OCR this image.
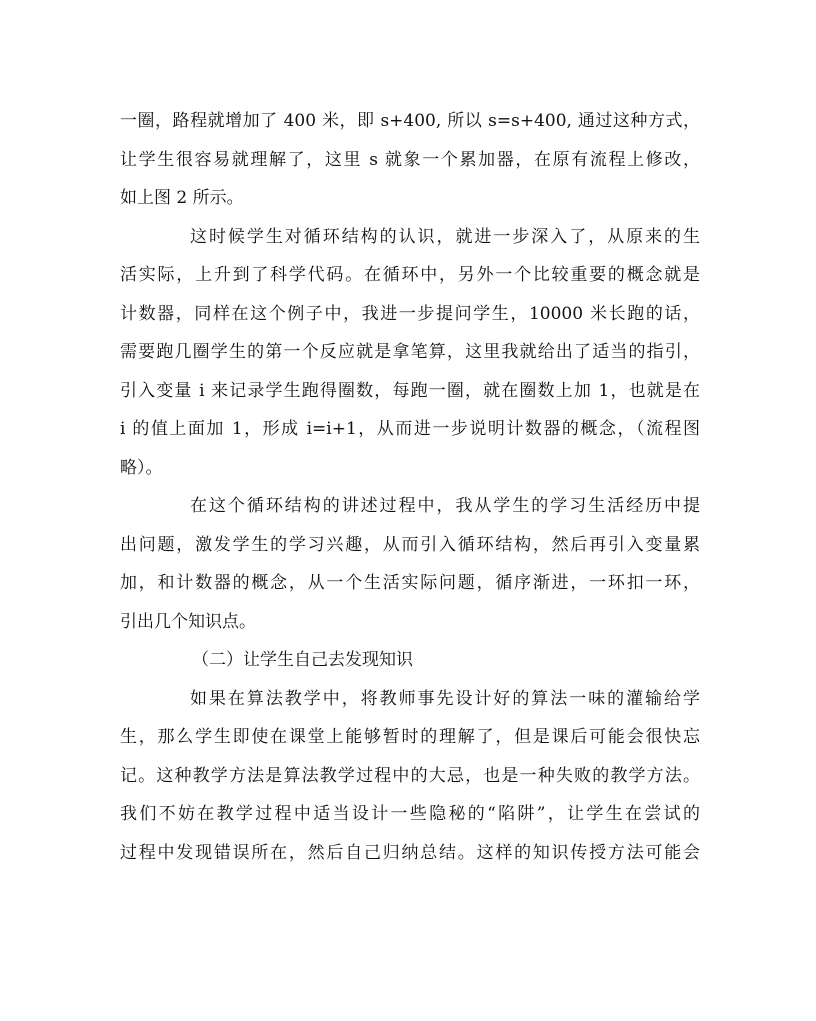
一圈，路程就增加了 400 米，即 s+400, 所以 s=s+400, 通过这种方式，
让学生很容易就理解了，这里 s 就象一个累加器，在原有流程上修改，
如上图 2 所示。
这时候学生对循环结构的认识，就进一步深入了，从原来的生
活实际，上升到了科学代码。在循环中，另外一个比较重要的概念就是
计数器，同样在这个例子中，我进一步提问学生，10000 米长跑的话，
需要跑几圈学生的第一个反应就是拿笔算，这里我就给出了适当的指引，
引入变量 i 来记录学生跑得圈数，每跑一圈，就在圈数上加 1，也就是在
i 的值上面加 1，形成 i=i+1，从而进一步说明计数器的概念，（流程图
略）。
在这个循环结构的讲述过程中，我从学生的学习生活经历中提
出问题，激发学生的学习兴趣，从而引入循环结构，然后再引入变量累
加，和计数器的概念，从一个生活实际问题，循序渐进，一环扣一环，
引出几个知识点。
（二）让学生自己去发现知识
如果在算法教学中，将教师事先设计好的算法一味的灌输给学
生，那么学生即使在课堂上能够暂时的理解了，但是课后可能会很快忘
记。这种教学方法是算法教学过程中的大忌，也是一种失败的教学方法。
我们不妨在教学过程中适当设计一些隐秘的“陷阱”，让学生在尝试的
过程中发现错误所在，然后自己归纳总结。这样的知识传授方法可能会
